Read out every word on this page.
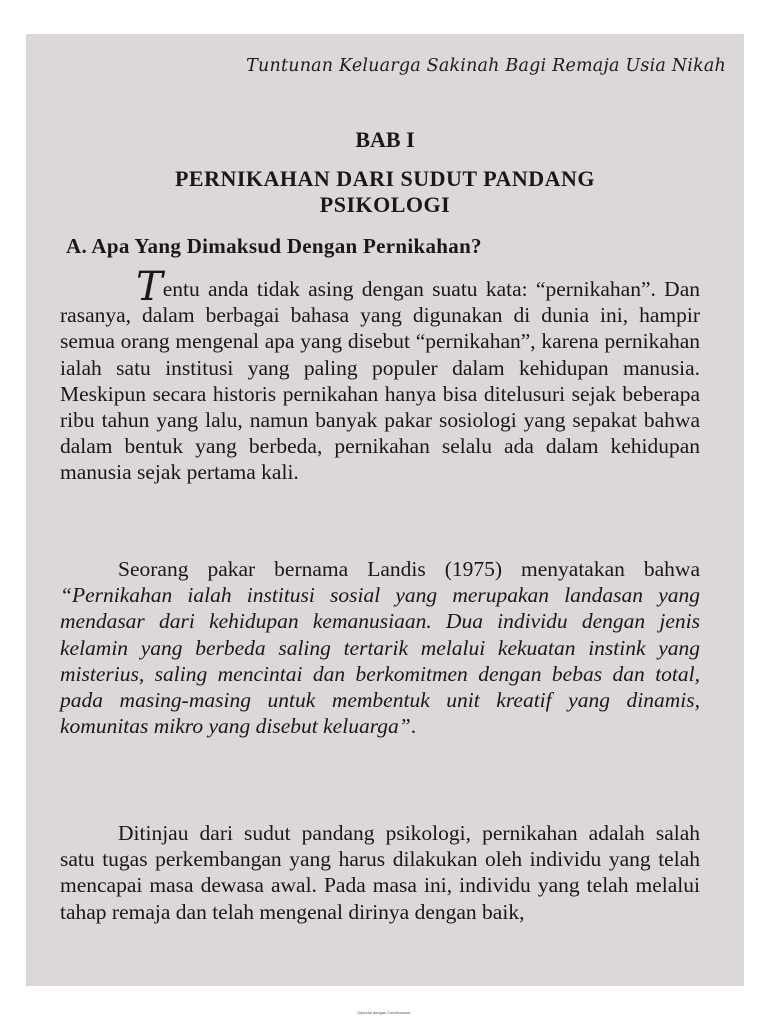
Tuntunan Keluarga Sakinah Bagi Remaja Usia Nikah
BAB I
PERNIKAHAN DARI SUDUT PANDANG
PSIKOLOGI
A. Apa Yang Dimaksud Dengan Pernikahan?
Tentu anda tidak asing dengan suatu kata: “pernikahan”. Dan rasanya, dalam berbagai bahasa yang digunakan di dunia ini, hampir semua orang mengenal apa yang disebut “pernikahan”, karena pernikahan ialah satu institusi yang paling populer dalam kehidupan manusia. Meskipun secara historis pernikahan hanya bisa ditelusuri sejak beberapa ribu tahun yang lalu, namun banyak pakar sosiologi yang sepakat bahwa dalam bentuk yang berbeda, pernikahan selalu ada dalam kehidupan manusia sejak pertama kali.
Seorang pakar bernama Landis (1975) menyatakan bahwa “Pernikahan ialah institusi sosial yang merupakan landasan yang mendasar dari kehidupan kemanusiaan. Dua individu dengan jenis kelamin yang berbeda saling tertarik melalui kekuatan instink yang misterius, saling mencintai dan berkomitmen dengan bebas dan total, pada masing-masing untuk membentuk unit kreatif yang dinamis, komunitas mikro yang disebut keluarga”.
Ditinjau dari sudut pandang psikologi, pernikahan adalah salah satu tugas perkembangan yang harus dilakukan oleh individu yang telah mencapai masa dewasa awal. Pada masa ini, individu yang telah melalui tahap remaja dan telah mengenal dirinya dengan baik,
Dipindai dengan CamScanner
